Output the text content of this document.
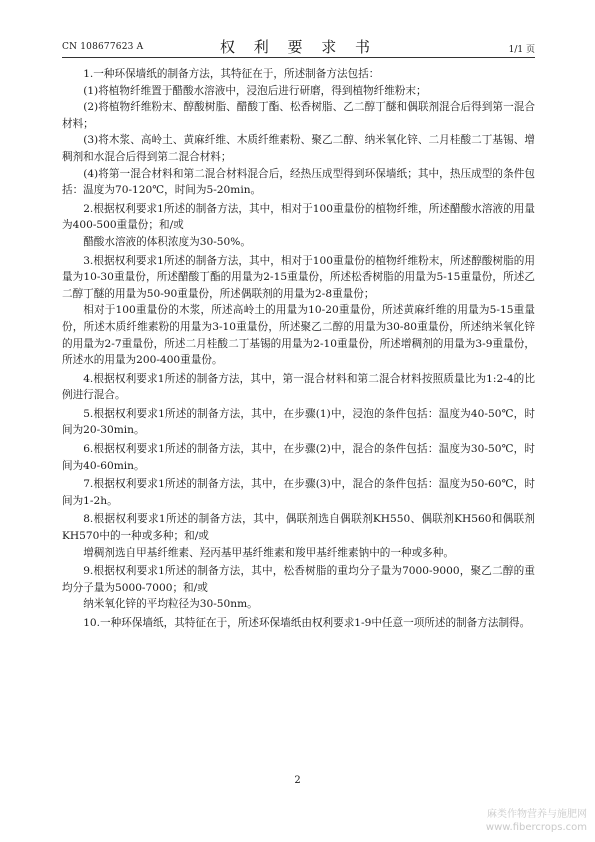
CN 108677623 A	权 利 要 求 书	1/1 页

1.一种环保墙纸的制备方法，其特征在于，所述制备方法包括：

(1)将植物纤维置于醋酸水溶液中，浸泡后进行研磨，得到植物纤维粉末；

(2)将植物纤维粉末、醇酸树脂、醋酸丁酯、松香树脂、乙二醇丁醚和偶联剂混合后得到第一混合材料；

(3)将木浆、高岭土、黄麻纤维、木质纤维素粉、聚乙二醇、纳米氧化锌、二月桂酸二丁基锡、增稠剂和水混合后得到第二混合材料；

(4)将第一混合材料和第二混合材料混合后，经热压成型得到环保墙纸；其中，热压成型的条件包括：温度为70-120℃，时间为5-20min。

2.根据权利要求1所述的制备方法，其中，相对于100重量份的植物纤维，所述醋酸水溶液的用量为400-500重量份；和/或

醋酸水溶液的体积浓度为30-50%。

3.根据权利要求1所述的制备方法，其中，相对于100重量份的植物纤维粉末，所述醇酸树脂的用量为10-30重量份，所述醋酸丁酯的用量为2-15重量份，所述松香树脂的用量为5-15重量份，所述乙二醇丁醚的用量为50-90重量份，所述偶联剂的用量为2-8重量份；

相对于100重量份的木浆，所述高岭土的用量为10-20重量份，所述黄麻纤维的用量为5-15重量份，所述木质纤维素粉的用量为3-10重量份，所述聚乙二醇的用量为30-80重量份，所述纳米氧化锌的用量为2-7重量份，所述二月桂酸二丁基锡的用量为2-10重量份，所述增稠剂的用量为3-9重量份，所述水的用量为200-400重量份。

4.根据权利要求1所述的制备方法，其中，第一混合材料和第二混合材料按照质量比为1:2-4的比例进行混合。

5.根据权利要求1所述的制备方法，其中，在步骤(1)中，浸泡的条件包括：温度为40-50℃，时间为20-30min。

6.根据权利要求1所述的制备方法，其中，在步骤(2)中，混合的条件包括：温度为30-50℃，时间为40-60min。

7.根据权利要求1所述的制备方法，其中，在步骤(3)中，混合的条件包括：温度为50-60℃，时间为1-2h。

8.根据权利要求1所述的制备方法，其中，偶联剂选自偶联剂KH550、偶联剂KH560和偶联剂KH570中的一种或多种；和/或

增稠剂选自甲基纤维素、羟丙基甲基纤维素和羧甲基纤维素钠中的一种或多种。

9.根据权利要求1所述的制备方法，其中，松香树脂的重均分子量为7000-9000，聚乙二醇的重均分子量为5000-7000；和/或

纳米氧化锌的平均粒径为30-50nm。

10.一种环保墙纸，其特征在于，所述环保墙纸由权利要求1-9中任意一项所述的制备方法制得。

2
麻类作物营养与施肥网
www.fibercrops.com
